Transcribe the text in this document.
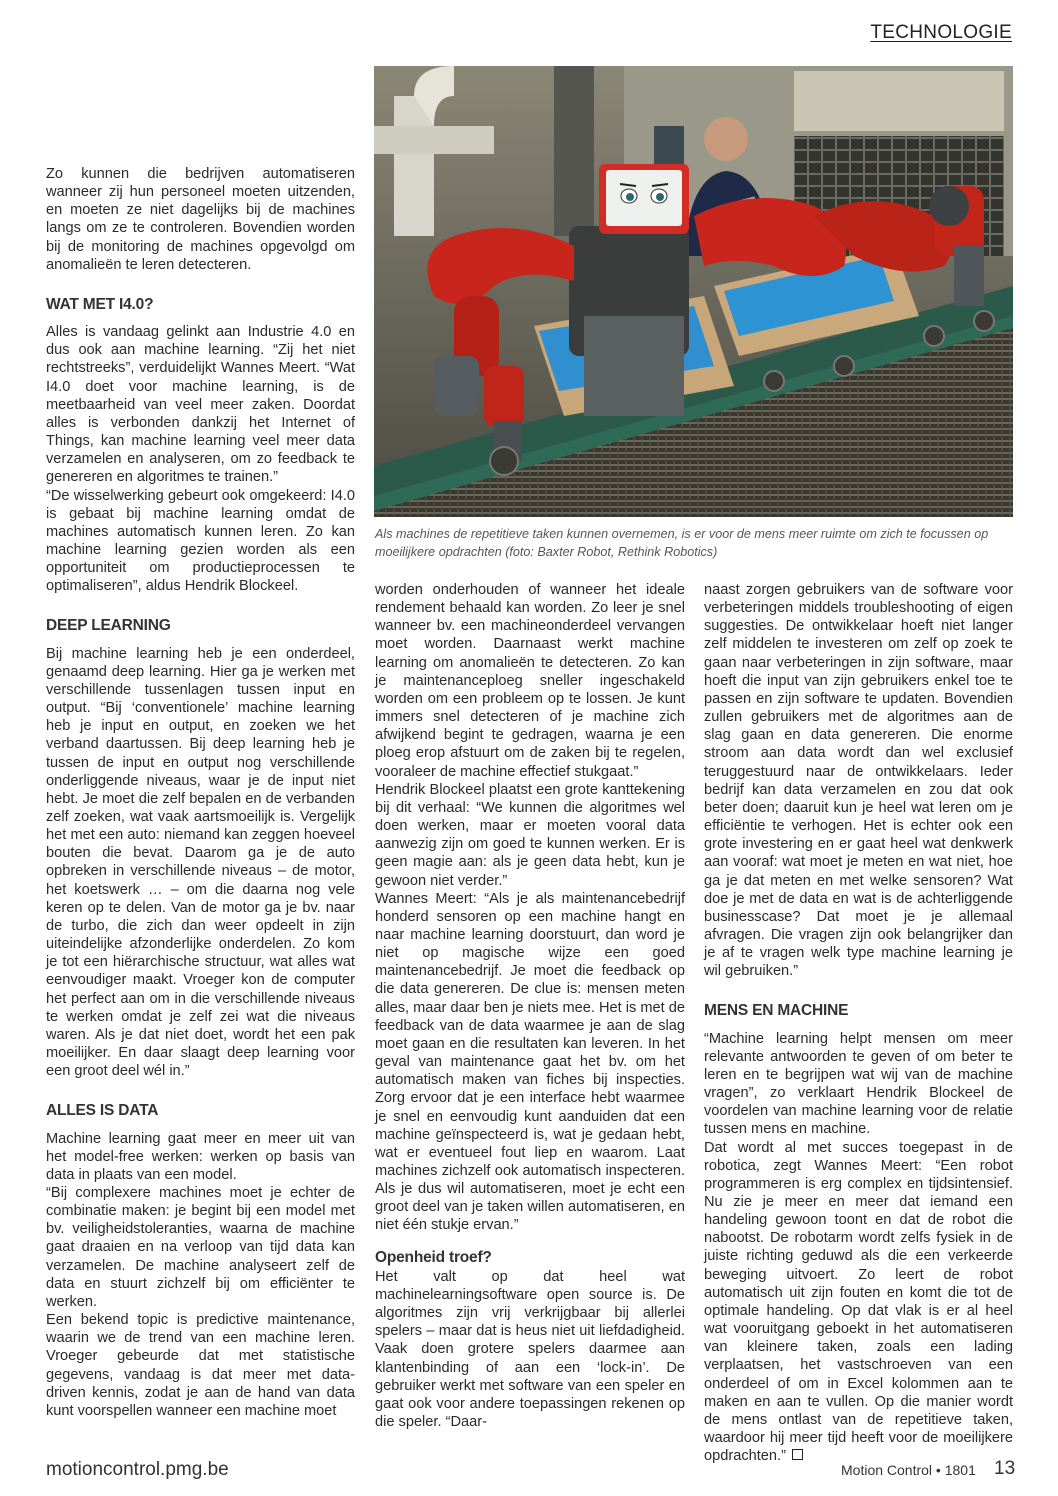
TECHNOLOGIE
Als machines de repetitieve taken kunnen overnemen, is er voor de mens meer ruimte om zich te focussen op moeilijkere opdrachten (foto: Baxter Robot, Rethink Robotics)

Zo kunnen die bedrijven automatiseren wanneer zij hun personeel moeten uitzenden, en moeten ze niet dagelijks bij de machines langs om ze te controleren. Bovendien worden bij de monitoring de machines opgevolgd om anomalieën te leren detecteren.

WAT MET I4.0?

Alles is vandaag gelinkt aan Industrie 4.0 en dus ook aan machine learning. “Zij het niet rechtstreeks”, verduidelijkt Wannes Meert. “Wat I4.0 doet voor machine learning, is de meetbaarheid van veel meer zaken. Doordat alles is verbonden dankzij het Internet of Things, kan machine learning veel meer data verzamelen en analyseren, om zo feedback te genereren en algoritmes te trainen.”

“De wisselwerking gebeurt ook omgekeerd: I4.0 is gebaat bij machine learning omdat de machines automatisch kunnen leren. Zo kan machine learning gezien worden als een opportuniteit om productieprocessen te optimaliseren”, aldus Hendrik Blockeel.

DEEP LEARNING

Bij machine learning heb je een onderdeel, genaamd deep learning. Hier ga je werken met verschillende tussenlagen tussen input en output. “Bij ‘conventionele’ machine learning heb je input en output, en zoeken we het verband daartussen. Bij deep learning heb je tussen de input en output nog verschillende onderliggende niveaus, waar je de input niet hebt. Je moet die zelf bepalen en de verbanden zelf zoeken, wat vaak aartsmoeilijk is. Vergelijk het met een auto: niemand kan zeggen hoeveel bouten die bevat. Daarom ga je de auto opbreken in verschillende niveaus – de motor, het koetswerk … – om die daarna nog vele keren op te delen. Van de motor ga je bv. naar de turbo, die zich dan weer opdeelt in zijn uiteindelijke afzonderlijke onderdelen. Zo kom je tot een hiërarchische structuur, wat alles wat eenvoudiger maakt. Vroeger kon de computer het perfect aan om in die verschillende niveaus te werken omdat je zelf zei wat die niveaus waren. Als je dat niet doet, wordt het een pak moeilijker. En daar slaagt deep learning voor een groot deel wél in.”

ALLES IS DATA

Machine learning gaat meer en meer uit van het model-free werken: werken op basis van data in plaats van een model.

“Bij complexere machines moet je echter de combinatie maken: je begint bij een model met bv. veiligheidstoleranties, waarna de machine gaat draaien en na verloop van tijd data kan verzamelen. De machine analyseert zelf de data en stuurt zichzelf bij om efficiënter te werken.

Een bekend topic is predictive maintenance, waarin we de trend van een machine leren. Vroeger gebeurde dat met statistische gegevens, vandaag is dat meer met data-driven kennis, zodat je aan de hand van data kunt voorspellen wanneer een machine moet

worden onderhouden of wanneer het ideale rendement behaald kan worden. Zo leer je snel wanneer bv. een machineonderdeel vervangen moet worden. Daarnaast werkt machine learning om anomalieën te detecteren. Zo kan je maintenanceploeg sneller ingeschakeld worden om een probleem op te lossen. Je kunt immers snel detecteren of je machine zich afwijkend begint te gedragen, waarna je een ploeg erop afstuurt om de zaken bij te regelen, vooraleer de machine effectief stukgaat.”

Hendrik Blockeel plaatst een grote kanttekening bij dit verhaal: “We kunnen die algoritmes wel doen werken, maar er moeten vooral data aanwezig zijn om goed te kunnen werken. Er is geen magie aan: als je geen data hebt, kun je gewoon niet verder.”

Wannes Meert: “Als je als maintenancebedrijf honderd sensoren op een machine hangt en naar machine learning doorstuurt, dan word je niet op magische wijze een goed maintenancebedrijf. Je moet die feedback op die data genereren. De clue is: mensen meten alles, maar daar ben je niets mee. Het is met de feedback van de data waarmee je aan de slag moet gaan en die resultaten kan leveren. In het geval van maintenance gaat het bv. om het automatisch maken van fiches bij inspecties. Zorg ervoor dat je een interface hebt waarmee je snel en eenvoudig kunt aanduiden dat een machine geïnspecteerd is, wat je gedaan hebt, wat er eventueel fout liep en waarom. Laat machines zichzelf ook automatisch inspecteren. Als je dus wil automatiseren, moet je echt een groot deel van je taken willen automatiseren, en niet één stukje ervan.”

Openheid troef?

Het valt op dat heel wat machinelearningsoftware open source is. De algoritmes zijn vrij verkrijgbaar bij allerlei spelers – maar dat is heus niet uit liefdadigheid. Vaak doen grotere spelers daarmee aan klantenbinding of aan een ‘lock-in’. De gebruiker werkt met software van een speler en gaat ook voor andere toepassingen rekenen op die speler. “Daar-

naast zorgen gebruikers van de software voor verbeteringen middels troubleshooting of eigen suggesties. De ontwikkelaar hoeft niet langer zelf middelen te investeren om zelf op zoek te gaan naar verbeteringen in zijn software, maar hoeft die input van zijn gebruikers enkel toe te passen en zijn software te updaten. Bovendien zullen gebruikers met de algoritmes aan de slag gaan en data genereren. Die enorme stroom aan data wordt dan wel exclusief teruggestuurd naar de ontwikkelaars. Ieder bedrijf kan data verzamelen en zou dat ook beter doen; daaruit kun je heel wat leren om je efficiëntie te verhogen. Het is echter ook een grote investering en er gaat heel wat denkwerk aan vooraf: wat moet je meten en wat niet, hoe ga je dat meten en met welke sensoren? Wat doe je met de data en wat is de achterliggende businesscase? Dat moet je je allemaal afvragen. Die vragen zijn ook belangrijker dan je af te vragen welk type machine learning je wil gebruiken.”

MENS EN MACHINE

“Machine learning helpt mensen om meer relevante antwoorden te geven of om beter te leren en te begrijpen wat wij van de machine vragen”, zo verklaart Hendrik Blockeel de voordelen van machine learning voor de relatie tussen mens en machine.

Dat wordt al met succes toegepast in de robotica, zegt Wannes Meert: “Een robot programmeren is erg complex en tijdsintensief. Nu zie je meer en meer dat iemand een handeling gewoon toont en dat de robot die nabootst. De robotarm wordt zelfs fysiek in de juiste richting geduwd als die een verkeerde beweging uitvoert. Zo leert de robot automatisch uit zijn fouten en komt die tot de optimale handeling. Op dat vlak is er al heel wat vooruitgang geboekt in het automatiseren van kleinere taken, zoals een lading verplaatsen, het vastschroeven van een onderdeel of om in Excel kolommen aan te maken en aan te vullen. Op die manier wordt de mens ontlast van de repetitieve taken, waardoor hij meer tijd heeft voor de moeilijkere opdrachten.”

motioncontrol.pmg.be	Motion Control • 1801 13
